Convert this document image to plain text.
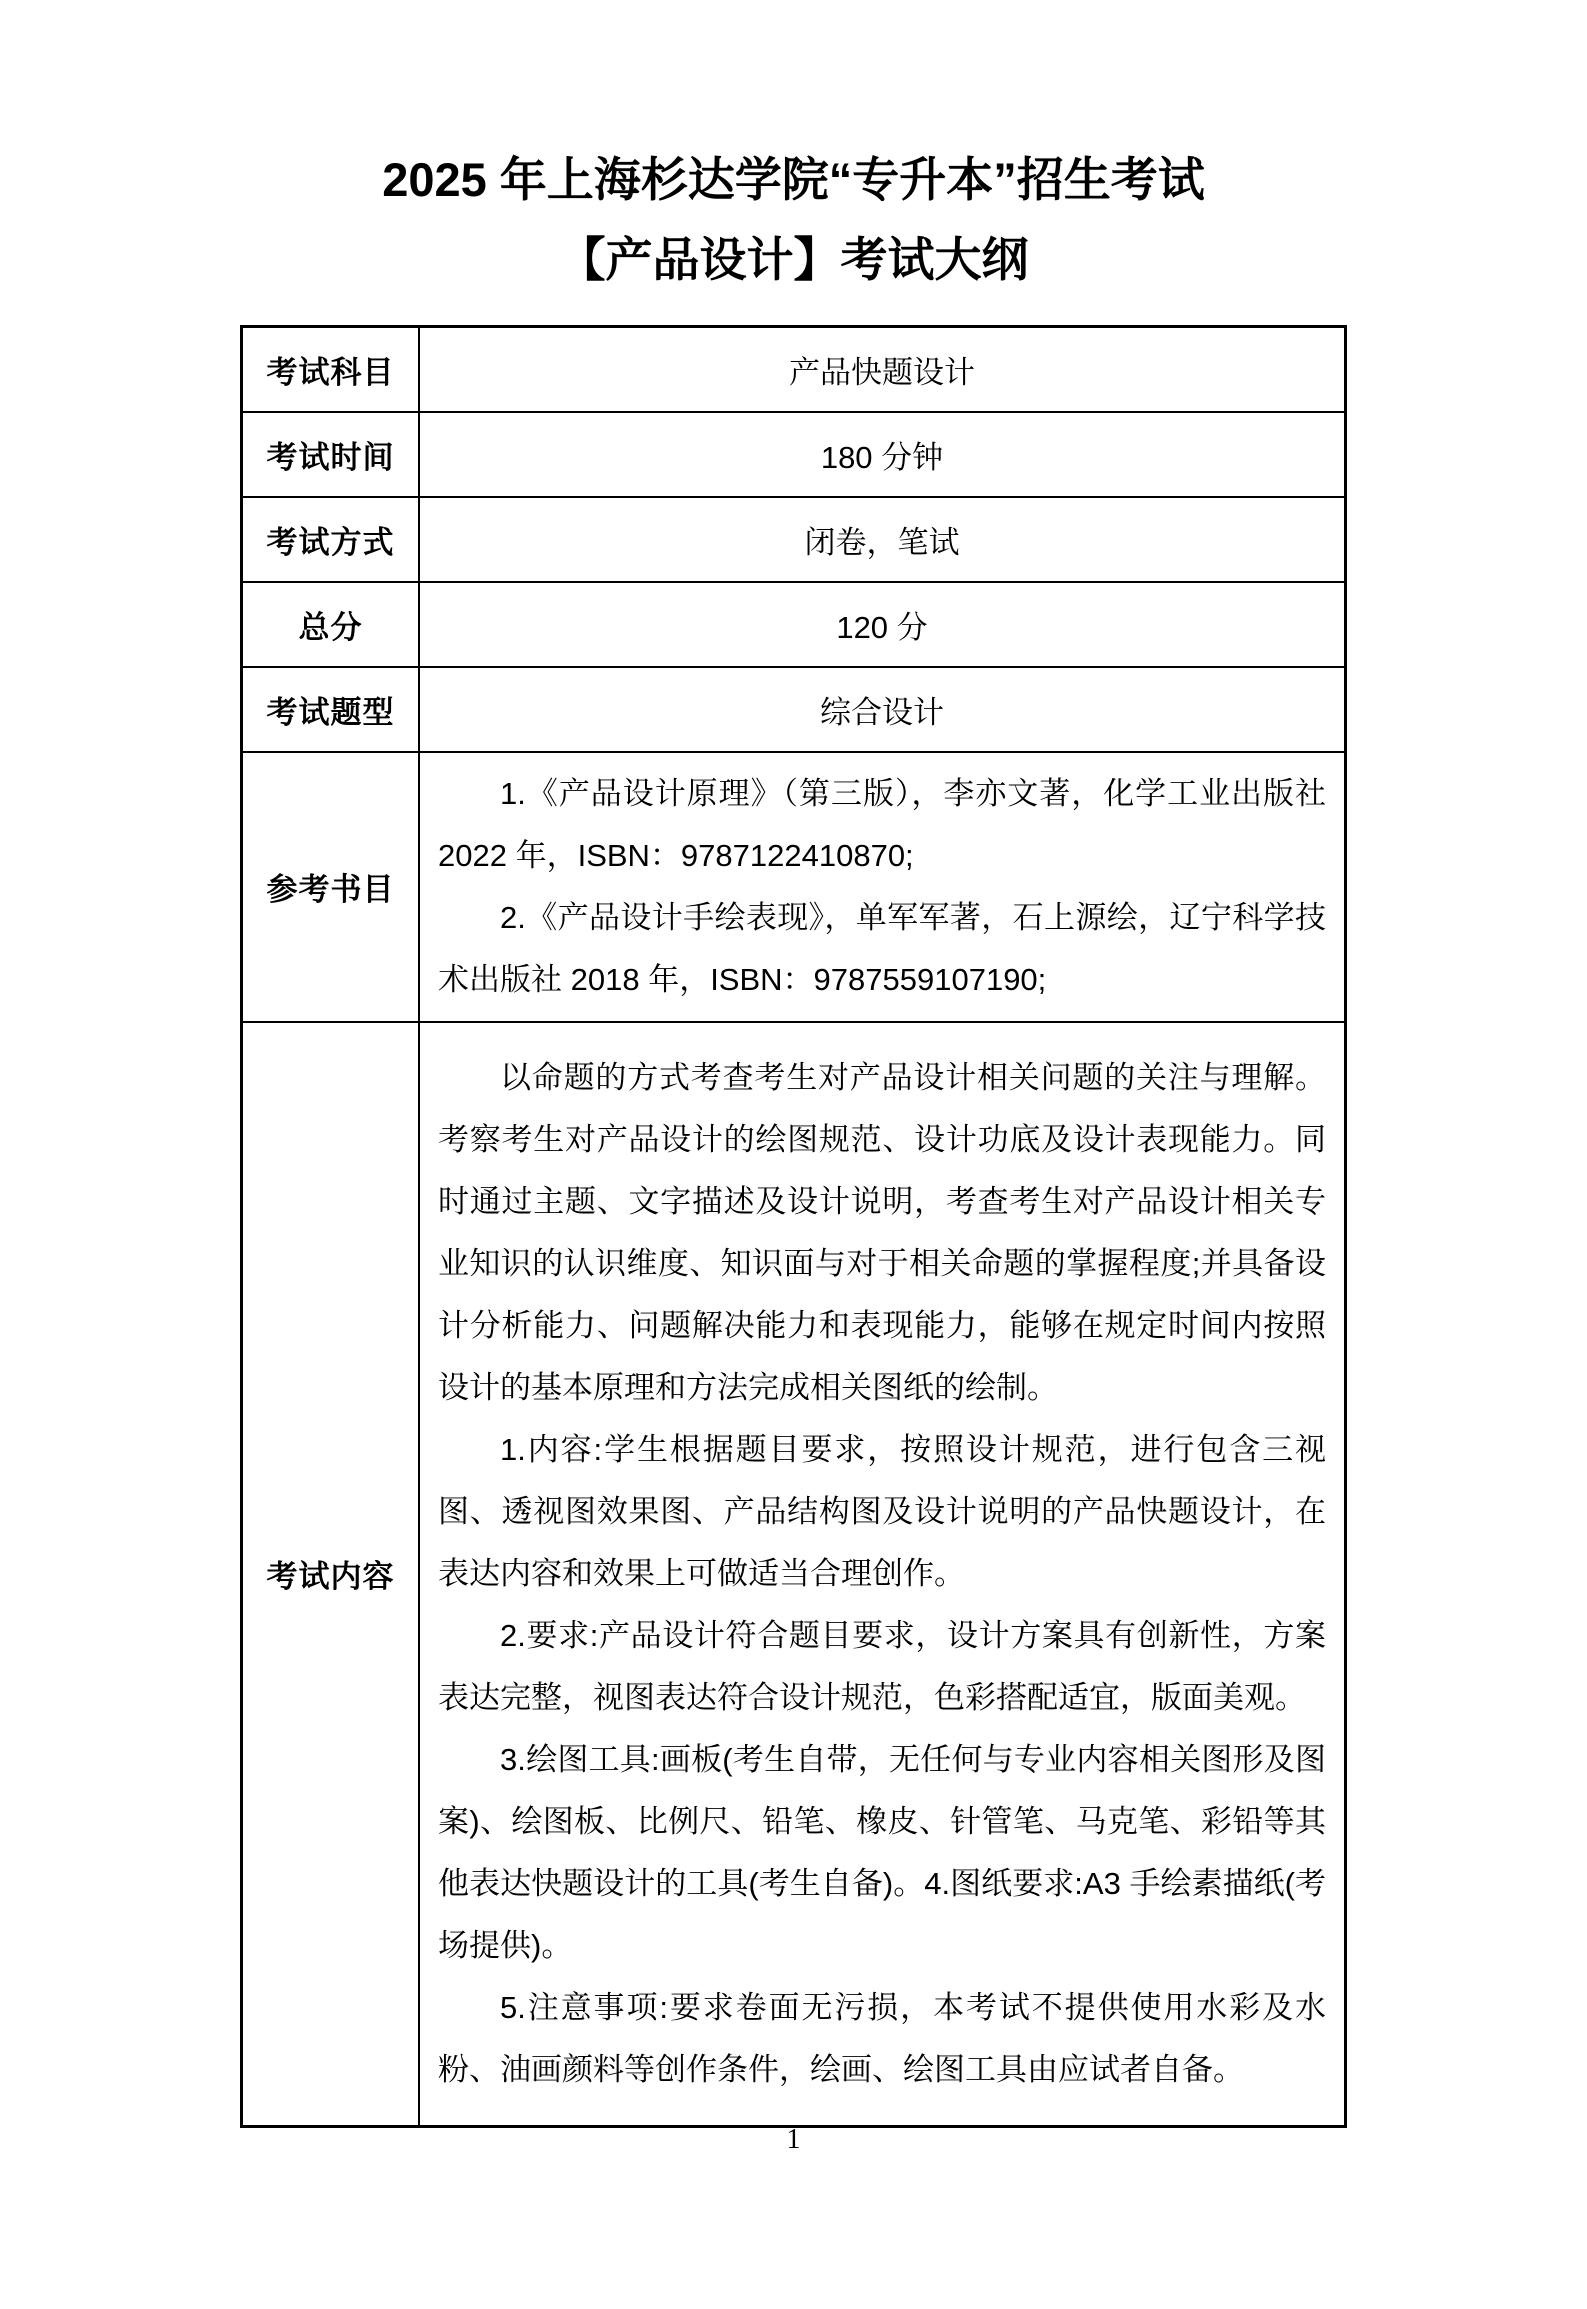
2025 年上海杉达学院“专升本”招生考试
【产品设计】考试大纲
考试科目	产品快题设计
考试时间	180 分钟
考试方式	闭卷，笔试
总分	120 分
考试题型	综合设计
参考书目	1.《产品设计原理》（第三版），李亦文著，化学工业出版社 2022 年，ISBN：9787122410870;

2.《产品设计手绘表现》，单军军著，石上源绘，辽宁科学技术出版社 2018 年，ISBN：9787559107190;

考试内容	以命题的方式考查考生对产品设计相关问题的关注与理解。考察考生对产品设计的绘图规范、设计功底及设计表现能力。同时通过主题、文字描述及设计说明，考查考生对产品设计相关专业知识的认识维度、知识面与对于相关命题的掌握程度;并具备设计分析能力、问题解决能力和表现能力，能够在规定时间内按照设计的基本原理和方法完成相关图纸的绘制。

1.内容:学生根据题目要求，按照设计规范，进行包含三视图、透视图效果图、产品结构图及设计说明的产品快题设计，在表达内容和效果上可做适当合理创作。

2.要求:产品设计符合题目要求，设计方案具有创新性，方案表达完整，视图表达符合设计规范，色彩搭配适宜，版面美观。

3.绘图工具:画板(考生自带，无任何与专业内容相关图形及图案)、绘图板、比例尺、铅笔、橡皮、针管笔、马克笔、彩铅等其他表达快题设计的工具(考生自备)。4.图纸要求:A3 手绘素描纸(考场提供)。

5.注意事项:要求卷面无污损，本考试不提供使用水彩及水粉、油画颜料等创作条件，绘画、绘图工具由应试者自备。

1
